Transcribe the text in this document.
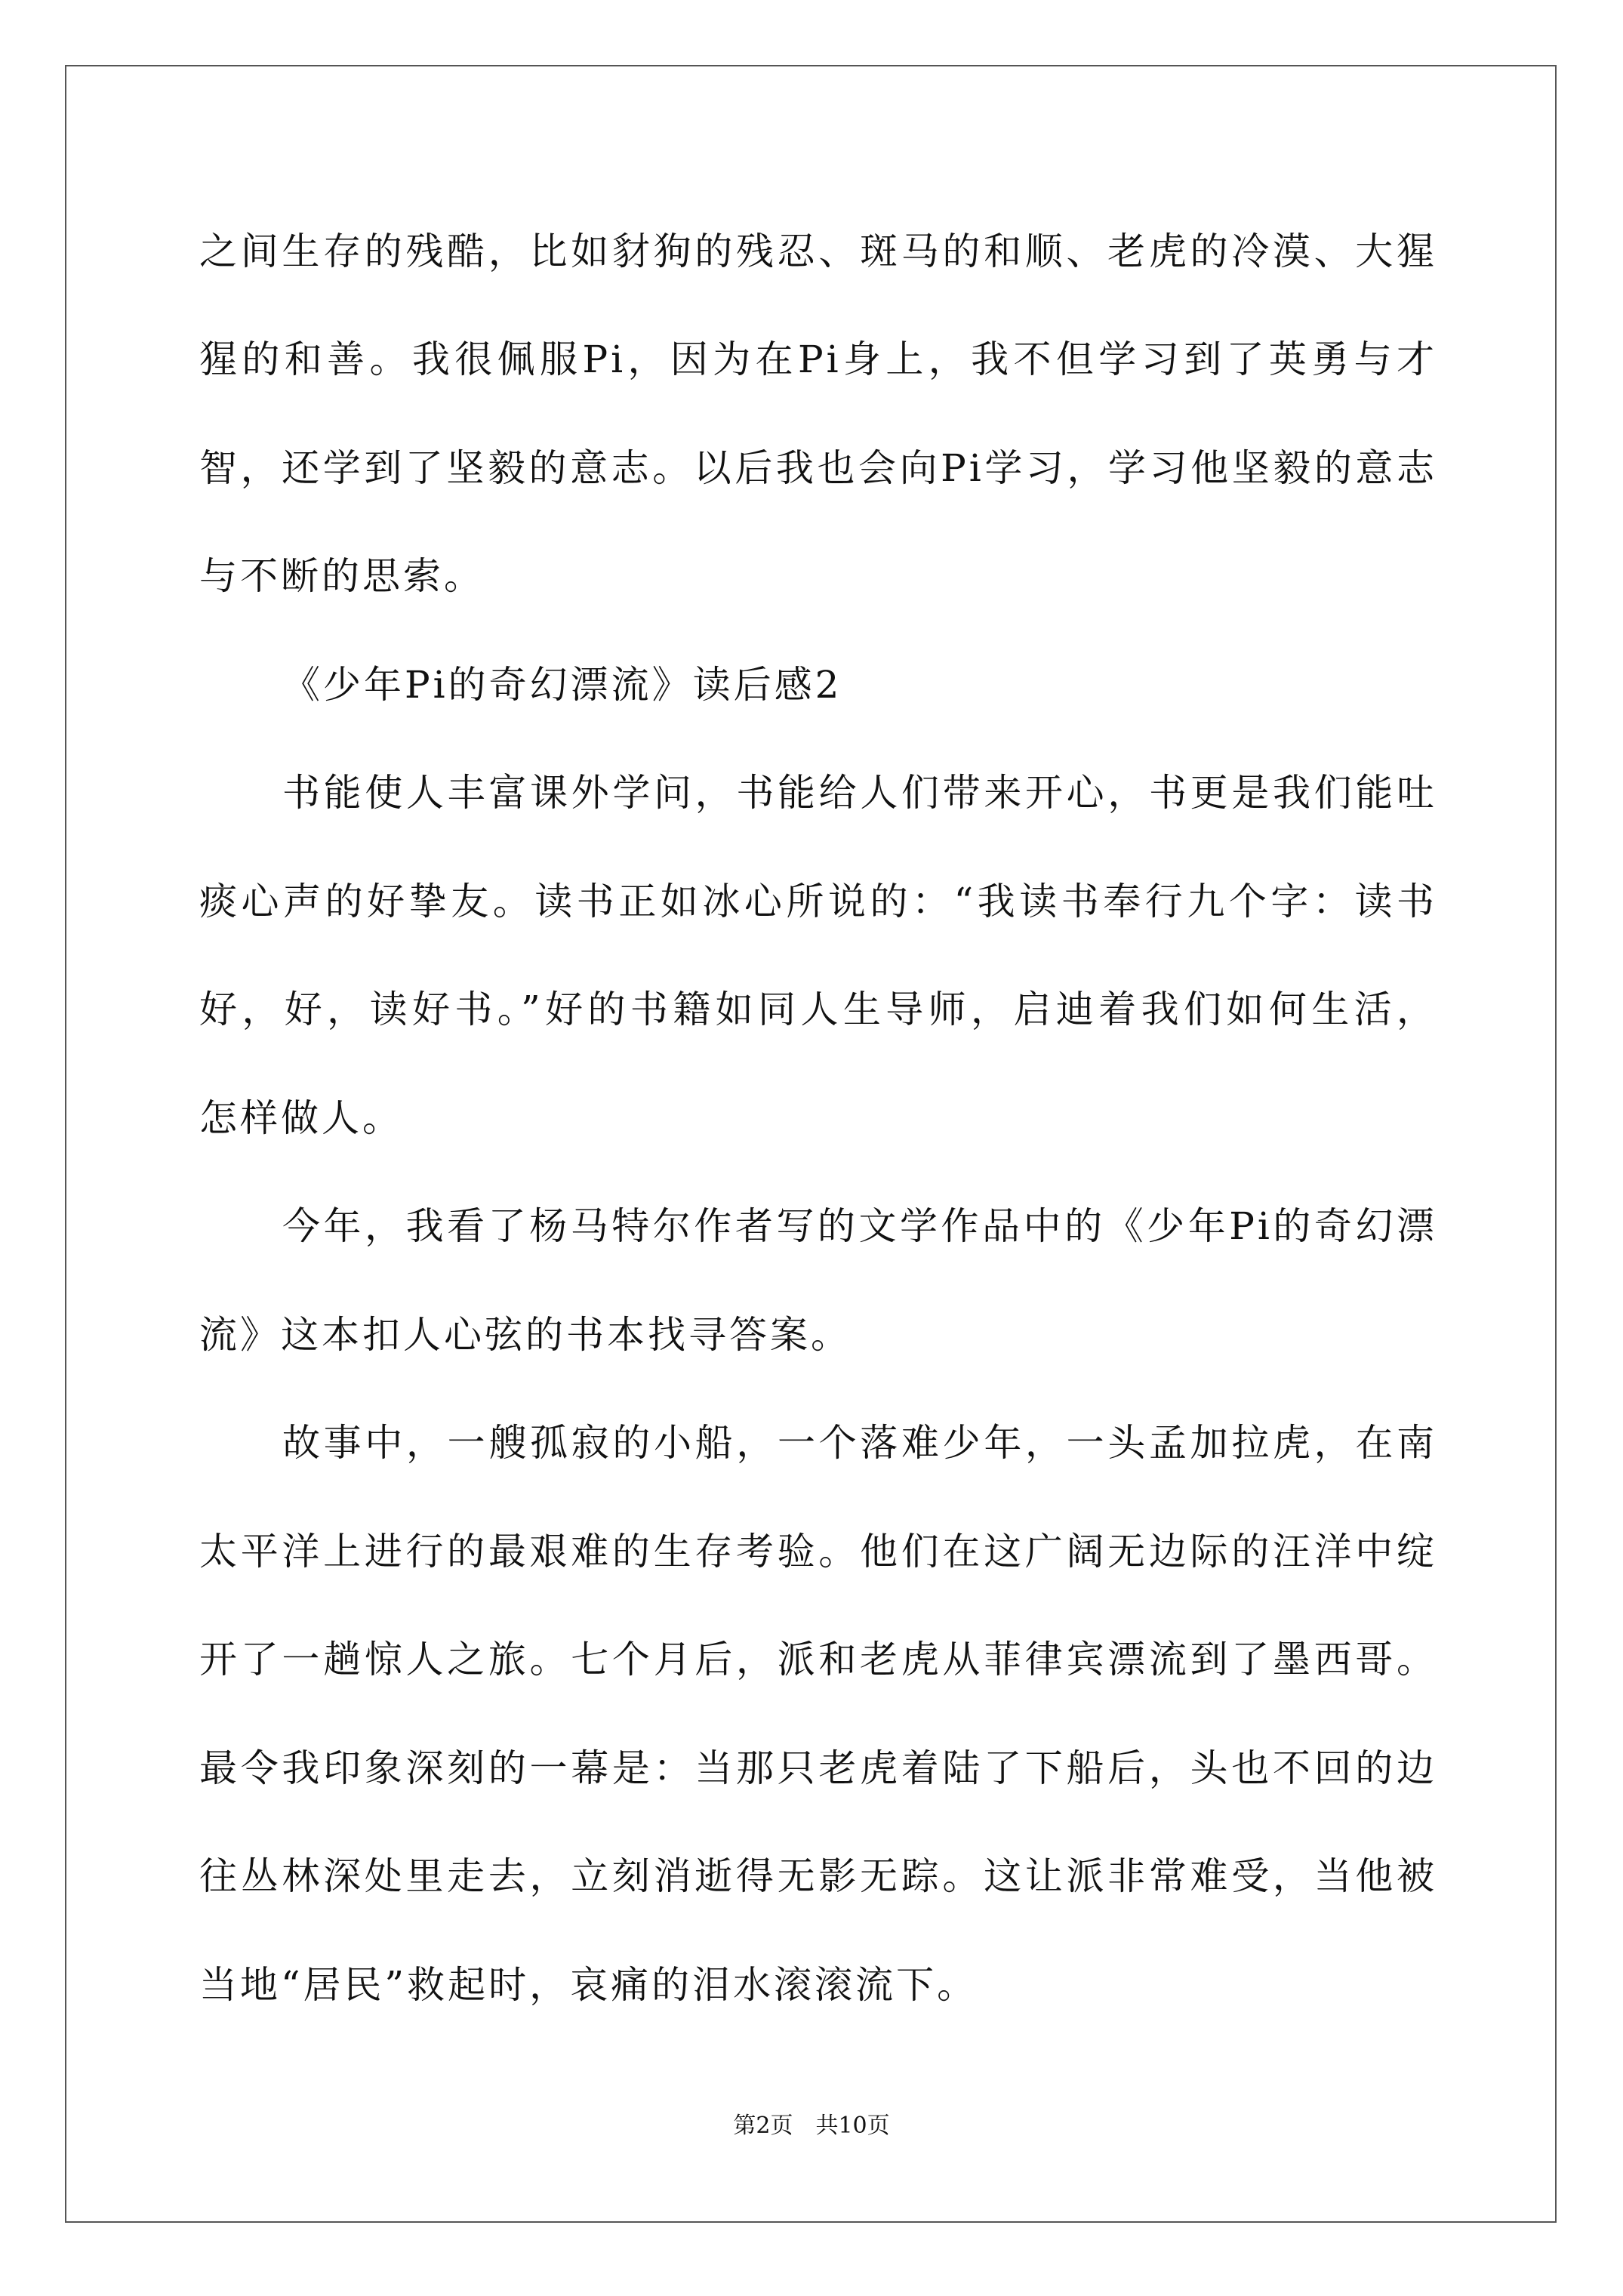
之间生存的残酷，比如豺狗的残忍、斑马的和顺、老虎的冷漠、大猩
猩的和善。我很佩服Pi，因为在Pi身上，我不但学习到了英勇与才
智，还学到了坚毅的意志。以后我也会向Pi学习，学习他坚毅的意志
与不断的思索。
《少年Pi的奇幻漂流》读后感2
书能使人丰富课外学问，书能给人们带来开心，书更是我们能吐
痰心声的好挚友。读书正如冰心所说的：“我读书奉行九个字：读书
好，好，读好书。”好的书籍如同人生导师，启迪着我们如何生活，
怎样做人。
今年，我看了杨马特尔作者写的文学作品中的《少年Pi的奇幻漂
流》这本扣人心弦的书本找寻答案。
故事中，一艘孤寂的小船，一个落难少年，一头孟加拉虎，在南
太平洋上进行的最艰难的生存考验。他们在这广阔无边际的汪洋中绽
开了一趟惊人之旅。七个月后，派和老虎从菲律宾漂流到了墨西哥。
最令我印象深刻的一幕是：当那只老虎着陆了下船后，头也不回的边
往丛林深处里走去，立刻消逝得无影无踪。这让派非常难受，当他被
当地“居民”救起时，哀痛的泪水滚滚流下。
第2页　共10页
